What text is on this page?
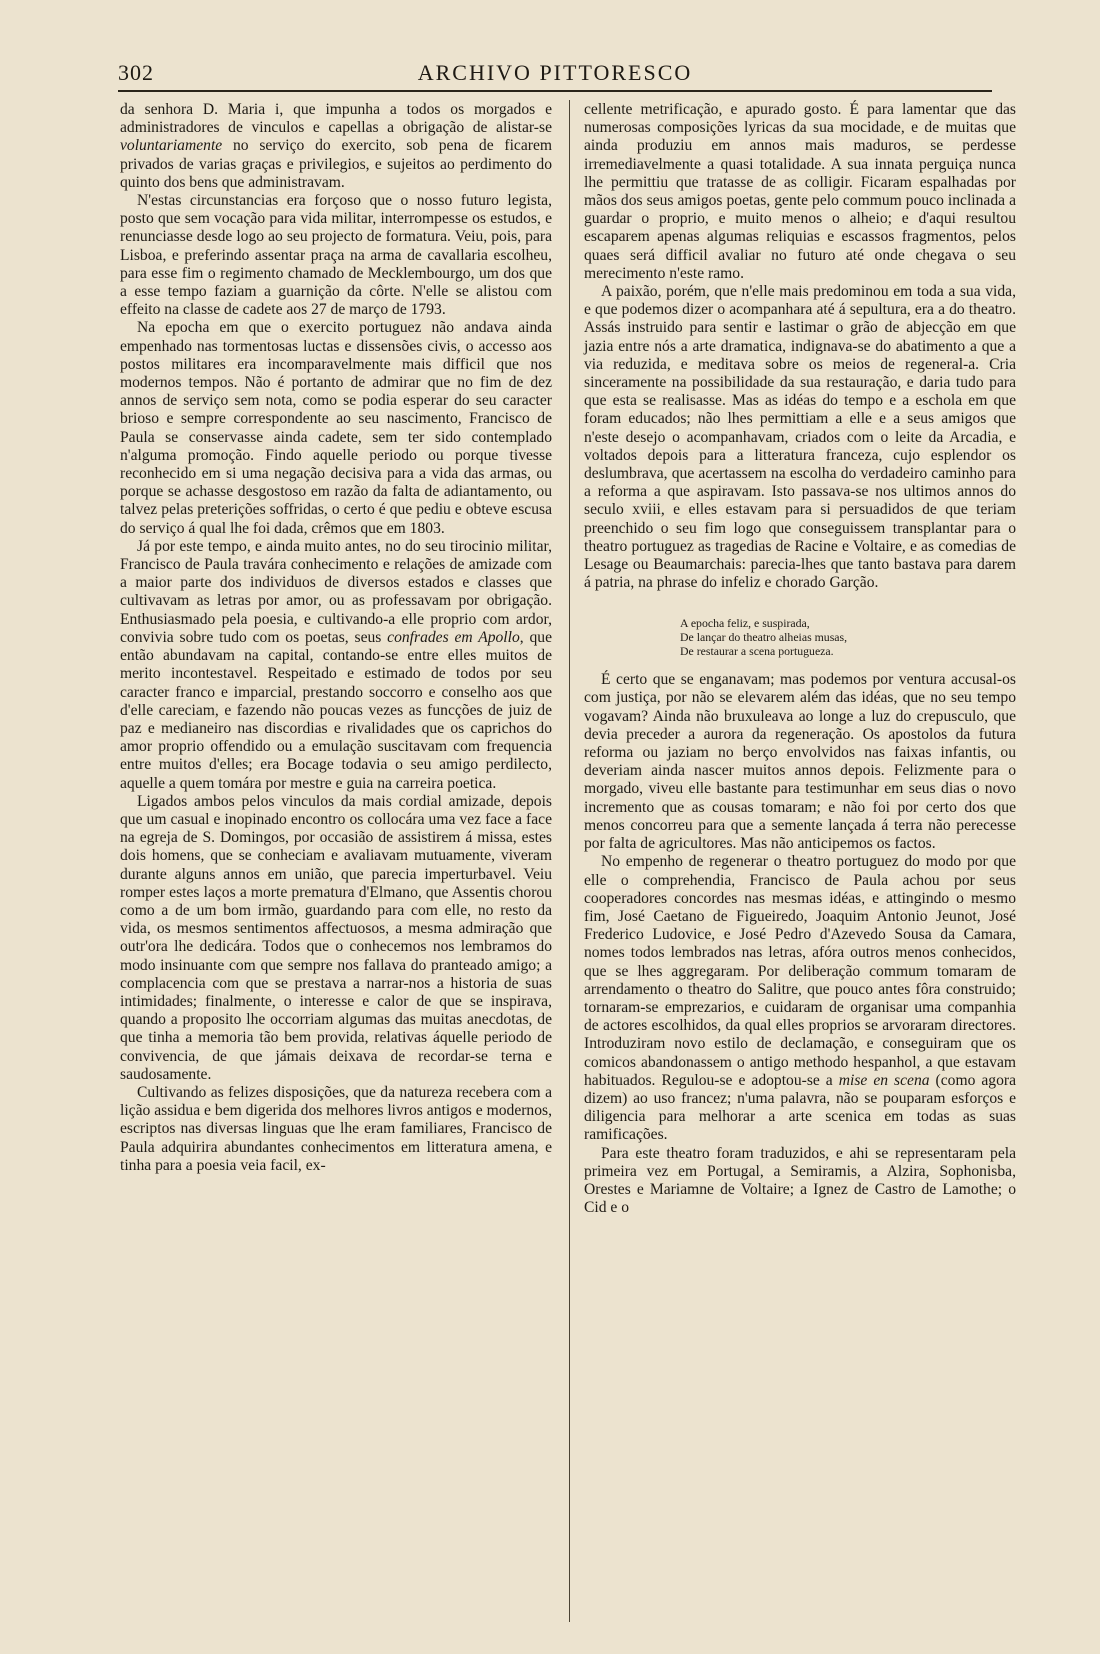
302	ARCHIVO PITTORESCO

da senhora D. Maria i, que impunha a todos os morgados e administradores de vinculos e capellas a obrigação de alistar-se voluntariamente no serviço do exercito, sob pena de ficarem privados de varias graças e privilegios, e sujeitos ao perdimento do quinto dos bens que administravam.

N'estas circunstancias era forçoso que o nosso futuro legista, posto que sem vocação para vida militar, interrompesse os estudos, e renunciasse desde logo ao seu projecto de formatura. Veiu, pois, para Lisboa, e preferindo assentar praça na arma de cavallaria escolheu, para esse fim o regimento chamado de Mecklembourgo, um dos que a esse tempo faziam a guarnição da côrte. N'elle se alistou com effeito na classe de cadete aos 27 de março de 1793.

Na epocha em que o exercito portuguez não andava ainda empenhado nas tormentosas luctas e dissensões civis, o accesso aos postos militares era incomparavelmente mais difficil que nos modernos tempos. Não é portanto de admirar que no fim de dez annos de serviço sem nota, como se podia esperar do seu caracter brioso e sempre correspondente ao seu nascimento, Francisco de Paula se conservasse ainda cadete, sem ter sido contemplado n'alguma promoção. Findo aquelle periodo ou porque tivesse reconhecido em si uma negação decisiva para a vida das armas, ou porque se achasse desgostoso em razão da falta de adiantamento, ou talvez pelas preterições soffridas, o certo é que pediu e obteve escusa do serviço á qual lhe foi dada, crêmos que em 1803.

Já por este tempo, e ainda muito antes, no do seu tirocinio militar, Francisco de Paula travára conhecimento e relações de amizade com a maior parte dos individuos de diversos estados e classes que cultivavam as letras por amor, ou as professavam por obrigação. Enthusiasmado pela poesia, e cultivando-a elle proprio com ardor, convivia sobre tudo com os poetas, seus confrades em Apollo, que então abundavam na capital, contando-se entre elles muitos de merito incontestavel. Respeitado e estimado de todos por seu caracter franco e imparcial, prestando soccorro e conselho aos que d'elle careciam, e fazendo não poucas vezes as funcções de juiz de paz e medianeiro nas discordias e rivalidades que os caprichos do amor proprio offendido ou a emulação suscitavam com frequencia entre muitos d'elles; era Bocage todavia o seu amigo perdilecto, aquelle a quem tomára por mestre e guia na carreira poetica.

Ligados ambos pelos vinculos da mais cordial amizade, depois que um casual e inopinado encontro os collocára uma vez face a face na egreja de S. Domingos, por occasião de assistirem á missa, estes dois homens, que se conheciam e avaliavam mutuamente, viveram durante alguns annos em união, que parecia imperturbavel. Veiu romper estes laços a morte prematura d'Elmano, que Assentis chorou como a de um bom irmão, guardando para com elle, no resto da vida, os mesmos sentimentos affectuosos, a mesma admiração que outr'ora lhe dedicára. Todos que o conhecemos nos lembramos do modo insinuante com que sempre nos fallava do pranteado amigo; a complacencia com que se prestava a narrar-nos a historia de suas intimidades; finalmente, o interesse e calor de que se inspirava, quando a proposito lhe occorriam algumas das muitas anecdotas, de que tinha a memoria tão bem provida, relativas áquelle periodo de convivencia, de que jámais deixava de recordar-se terna e saudosamente.

Cultivando as felizes disposições, que da natureza recebera com a lição assidua e bem digerida dos melhores livros antigos e modernos, escriptos nas diversas linguas que lhe eram familiares, Francisco de Paula adquirira abundantes conhecimentos em litteratura amena, e tinha para a poesia veia facil, ex-

cellente metrificação, e apurado gosto. É para lamentar que das numerosas composições lyricas da sua mocidade, e de muitas que ainda produziu em annos mais maduros, se perdesse irremediavelmente a quasi totalidade. A sua innata perguiça nunca lhe permittiu que tratasse de as colligir. Ficaram espalhadas por mãos dos seus amigos poetas, gente pelo commum pouco inclinada a guardar o proprio, e muito menos o alheio; e d'aqui resultou escaparem apenas algumas reliquias e escassos fragmentos, pelos quaes será difficil avaliar no futuro até onde chegava o seu merecimento n'este ramo.

A paixão, porém, que n'elle mais predominou em toda a sua vida, e que podemos dizer o acompanhara até á sepultura, era a do theatro. Assás instruido para sentir e lastimar o grão de abjecção em que jazia entre nós a arte dramatica, indignava-se do abatimento a que a via reduzida, e meditava sobre os meios de regeneral-a. Cria sinceramente na possibilidade da sua restauração, e daria tudo para que esta se realisasse. Mas as idéas do tempo e a eschola em que foram educados; não lhes permittiam a elle e a seus amigos que n'este desejo o acompanhavam, criados com o leite da Arcadia, e voltados depois para a litteratura franceza, cujo esplendor os deslumbrava, que acertassem na escolha do verdadeiro caminho para a reforma a que aspiravam. Isto passava-se nos ultimos annos do seculo xviii, e elles estavam para si persuadidos de que teriam preenchido o seu fim logo que conseguissem transplantar para o theatro portuguez as tragedias de Racine e Voltaire, e as comedias de Lesage ou Beaumarchais: parecia-lhes que tanto bastava para darem á patria, na phrase do infeliz e chorado Garção.

A epocha feliz, e suspirada,
De lançar do theatro alheias musas,
De restaurar a scena portugueza.

É certo que se enganavam; mas podemos por ventura accusal-os com justiça, por não se elevarem além das idéas, que no seu tempo vogavam? Ainda não bruxuleava ao longe a luz do crepusculo, que devia preceder a aurora da regeneração. Os apostolos da futura reforma ou jaziam no berço envolvidos nas faixas infantis, ou deveriam ainda nascer muitos annos depois. Felizmente para o morgado, viveu elle bastante para testimunhar em seus dias o novo incremento que as cousas tomaram; e não foi por certo dos que menos concorreu para que a semente lançada á terra não perecesse por falta de agricultores. Mas não anticipemos os factos.

No empenho de regenerar o theatro portuguez do modo por que elle o comprehendia, Francisco de Paula achou por seus cooperadores concordes nas mesmas idéas, e attingindo o mesmo fim, José Caetano de Figueiredo, Joaquim Antonio Jeunot, José Frederico Ludovice, e José Pedro d'Azevedo Sousa da Camara, nomes todos lembrados nas letras, afóra outros menos conhecidos, que se lhes aggregaram. Por deliberação commum tomaram de arrendamento o theatro do Salitre, que pouco antes fôra construido; tornaram-se emprezarios, e cuidaram de organisar uma companhia de actores escolhidos, da qual elles proprios se arvoraram directores. Introduziram novo estilo de declamação, e conseguiram que os comicos abandonassem o antigo methodo hespanhol, a que estavam habituados. Regulou-se e adoptou-se a mise en scena (como agora dizem) ao uso francez; n'uma palavra, não se pouparam esforços e diligencia para melhorar a arte scenica em todas as suas ramificações.

Para este theatro foram traduzidos, e ahi se representaram pela primeira vez em Portugal, a Semiramis, a Alzira, Sophonisba, Orestes e Mariamne de Voltaire; a Ignez de Castro de Lamothe; o Cid e o
